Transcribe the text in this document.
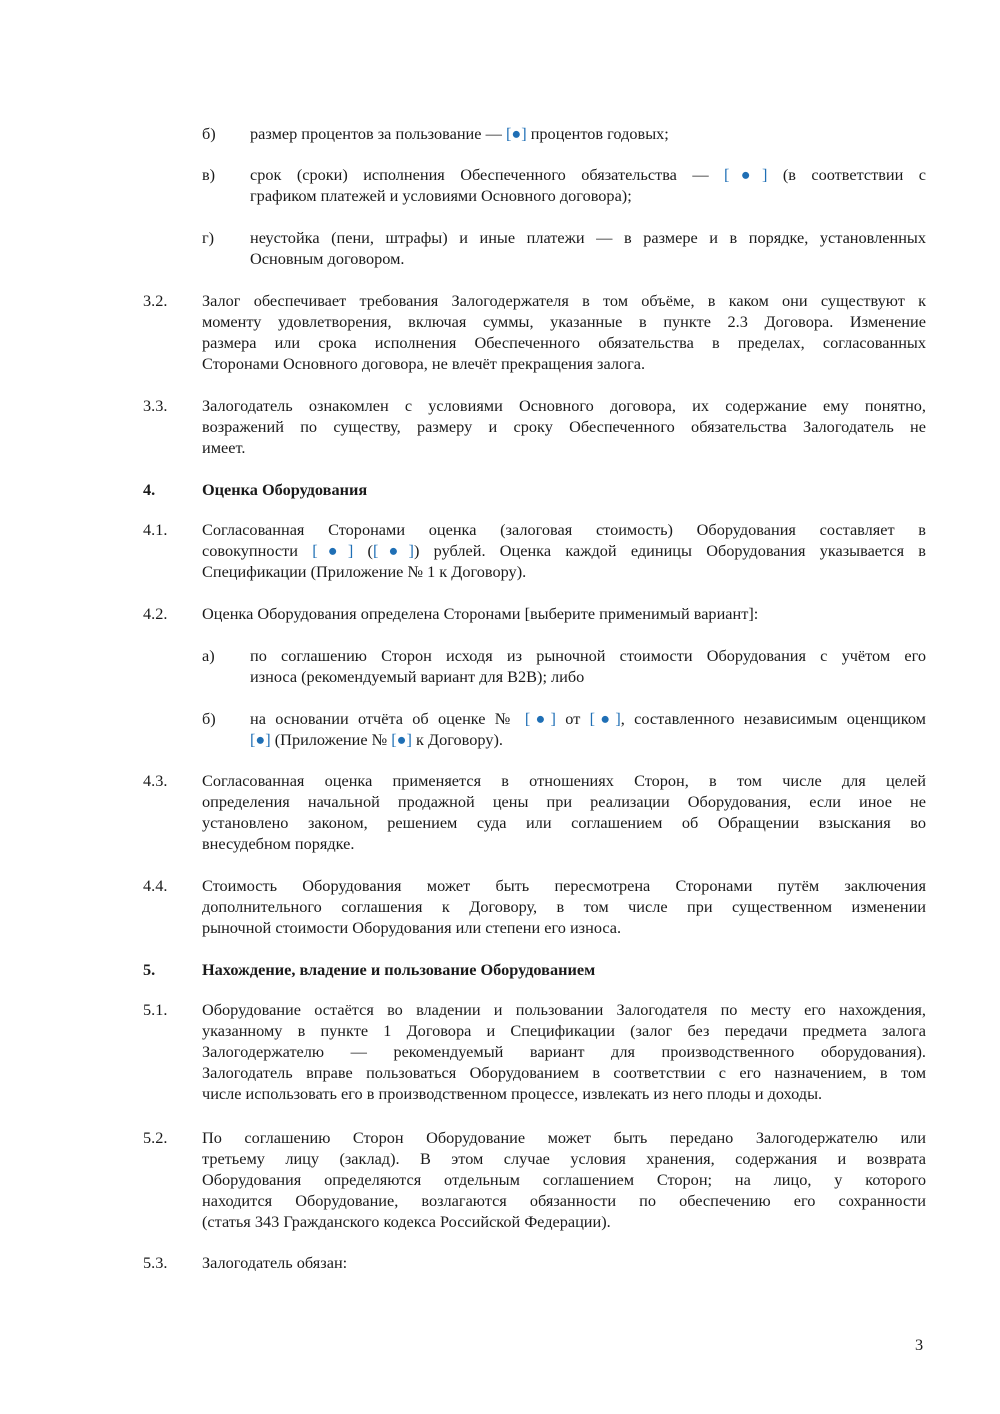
б) размер процентов за пользование — [●] процентов годовых;

в) срок (сроки) исполнения Обеспеченного обязательства — [●] (в соответствии с

графиком платежей и условиями Основного договора);

г) неустойка (пени, штрафы) и иные платежи — в размере и в порядке, установленных

Основным договором.

3.2. Залог обеспечивает требования Залогодержателя в том объёме, в каком они существуют к

моменту удовлетворения, включая суммы, указанные в пункте 2.3 Договора. Изменение

размера или срока исполнения Обеспеченного обязательства в пределах, согласованных

Сторонами Основного договора, не влечёт прекращения залога.

3.3. Залогодатель ознакомлен с условиями Основного договора, их содержание ему понятно,

возражений по существу, размеру и сроку Обеспеченного обязательства Залогодатель не

имеет.

4.	Оценка Оборудования
4.1. Согласованная Сторонами оценка (залоговая стоимость) Оборудования составляет в

совокупности [●] ([●]) рублей. Оценка каждой единицы Оборудования указывается в

Спецификации (Приложение № 1 к Договору).

4.2. Оценка Оборудования определена Сторонами [выберите применимый вариант]:

а) по соглашению Сторон исходя из рыночной стоимости Оборудования с учётом его

износа (рекомендуемый вариант для B2B); либо

б) на основании отчёта об оценке № [●] от [●], составленного независимым оценщиком

[●] (Приложение № [●] к Договору).

4.3. Согласованная оценка применяется в отношениях Сторон, в том числе для целей

определения начальной продажной цены при реализации Оборудования, если иное не

установлено законом, решением суда или соглашением об Обращении взыскания во

внесудебном порядке.

4.4. Стоимость Оборудования может быть пересмотрена Сторонами путём заключения

дополнительного соглашения к Договору, в том числе при существенном изменении

рыночной стоимости Оборудования или степени его износа.

5.	Нахождение, владение и пользование Оборудованием
5.1. Оборудование остаётся во владении и пользовании Залогодателя по месту его нахождения,

указанному в пункте 1 Договора и Спецификации (залог без передачи предмета залога

Залогодержателю — рекомендуемый вариант для производственного оборудования).

Залогодатель вправе пользоваться Оборудованием в соответствии с его назначением, в том

числе использовать его в производственном процессе, извлекать из него плоды и доходы.

5.2. По соглашению Сторон Оборудование может быть передано Залогодержателю или

третьему лицу (заклад). В этом случае условия хранения, содержания и возврата

Оборудования определяются отдельным соглашением Сторон; на лицо, у которого

находится Оборудование, возлагаются обязанности по обеспечению его сохранности

(статья 343 Гражданского кодекса Российской Федерации).

5.3. Залогодатель обязан:
3
